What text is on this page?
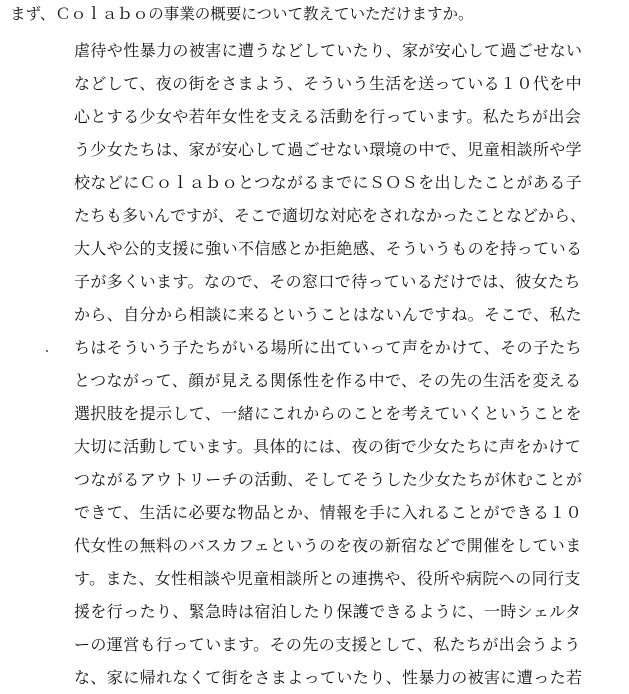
まず、Ｃｏｌａｂｏの事業の概要について教えていただけますか。
虐待や性暴力の被害に遭うなどしていたり、家が安心して過ごせない
などして、夜の街をさまよう、そういう生活を送っている１０代を中
心とする少女や若年女性を支える活動を行っています。私たちが出会
う少女たちは、家が安心して過ごせない環境の中で、児童相談所や学
校などにＣｏｌａｂｏとつながるまでにＳＯＳを出したことがある子
たちも多いんですが、そこで適切な対応をされなかったことなどから、
大人や公的支援に強い不信感とか拒絶感、そういうものを持っている
子が多くいます。なので、その窓口で待っているだけでは、彼女たち
から、自分から相談に来るということはないんですね。そこで、私た
ちはそういう子たちがいる場所に出ていって声をかけて、その子たち
とつながって、顔が見える関係性を作る中で、その先の生活を変える
選択肢を提示して、一緒にこれからのことを考えていくということを
大切に活動しています。具体的には、夜の街で少女たちに声をかけて
つながるアウトリーチの活動、そしてそうした少女たちが休むことが
できて、生活に必要な物品とか、情報を手に入れることができる１０
代女性の無料のバスカフェというのを夜の新宿などで開催をしていま
す。また、女性相談や児童相談所との連携や、役所や病院への同行支
援を行ったり、緊急時は宿泊したり保護できるように、一時シェルタ
ーの運営も行っています。その先の支援として、私たちが出会うよう
な、家に帰れなくて街をさまよっていたり、性暴力の被害に遭った若
